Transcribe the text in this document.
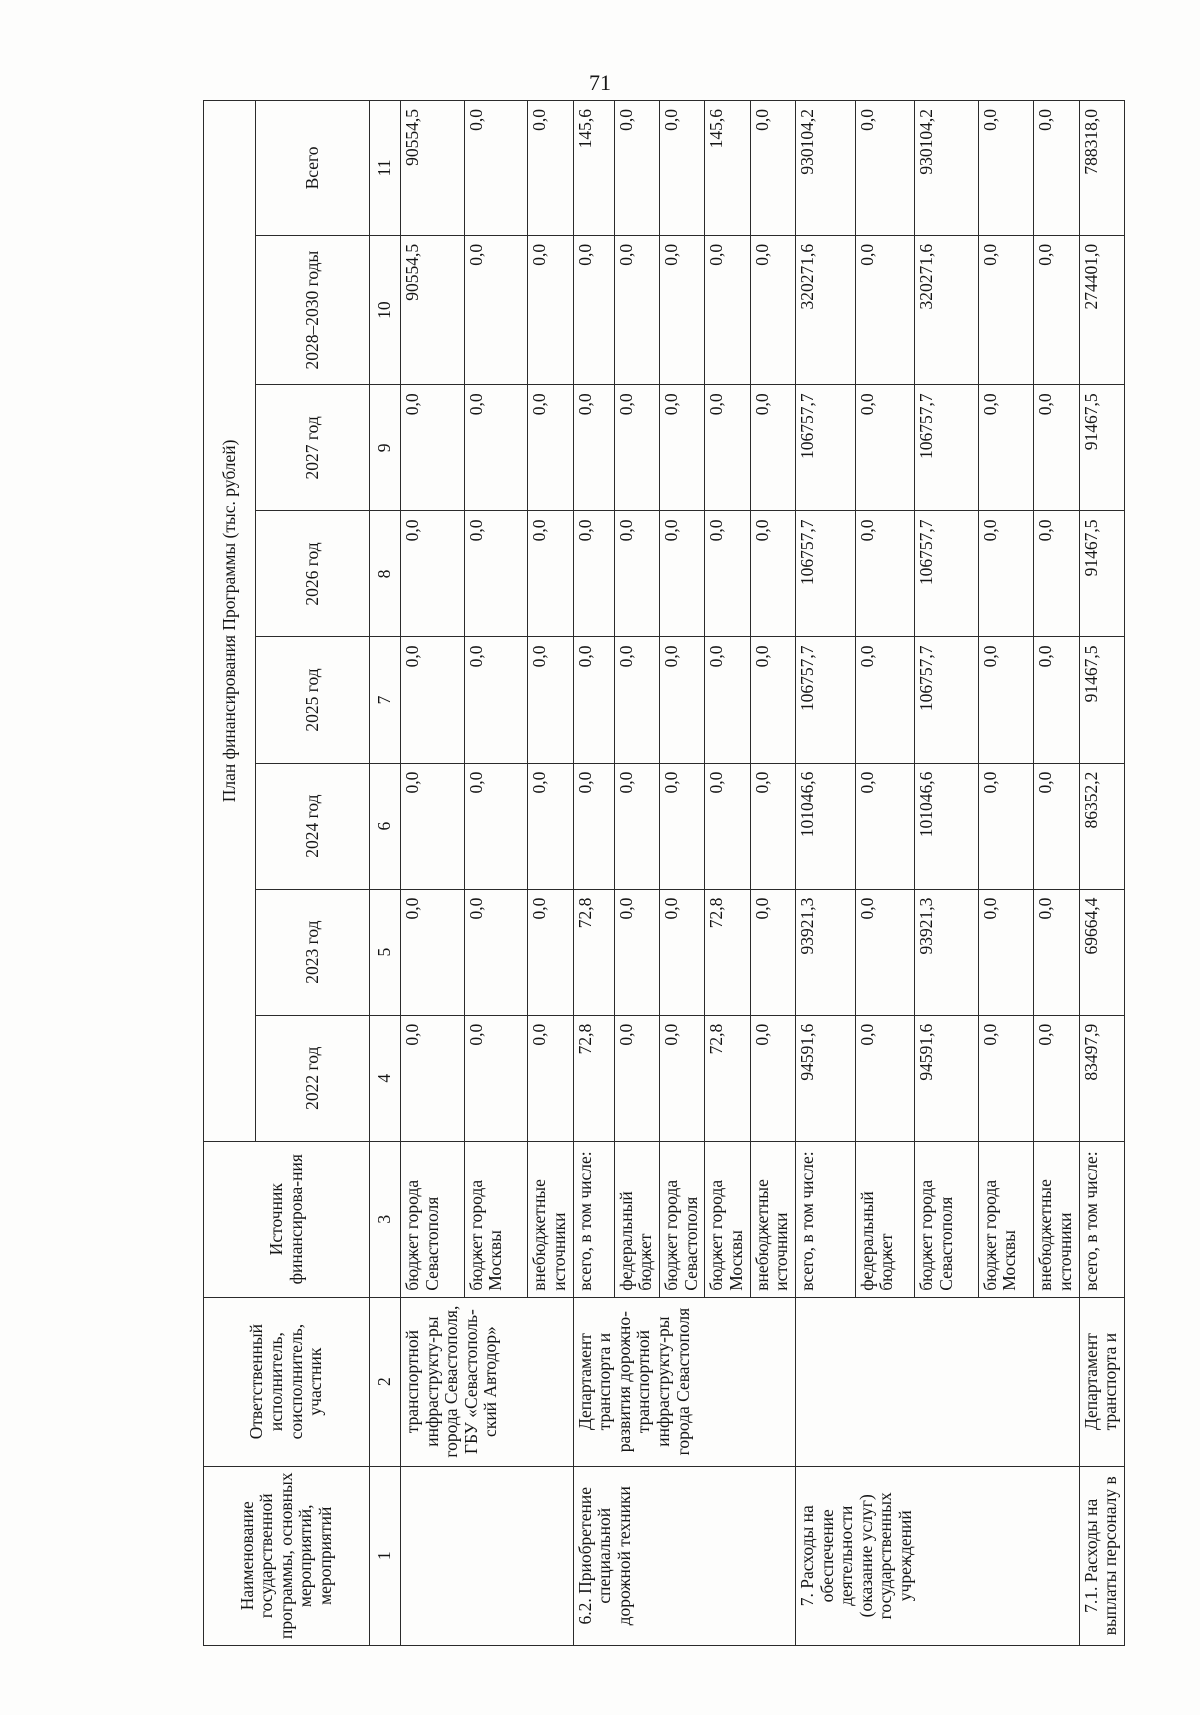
71
Наименование государственной программы, основных мероприятий, мероприятий	Ответственный исполнитель, соисполнитель, участник	Источник финансирова-ния	План финансирования Программы (тыс. рублей)							
			2022 год	2023 год	2024 год	2025 год	2026 год	2027 год	2028–2030 годы	Всего
1	2	3	4	5	6	7	8	9	10	11
	транспортной инфраструкту-ры города Севастополя, ГБУ «Севастополь-ский Автодор»	бюджет города Севастополя	0,0	0,0	0,0	0,0	0,0	0,0	90554,5	90554,5
		бюджет города Москвы	0,0	0,0	0,0	0,0	0,0	0,0	0,0	0,0
		внебюджетные источники	0,0	0,0	0,0	0,0	0,0	0,0	0,0	0,0
6.2. Приобретение специальной дорожной техники	Департамент транспорта и развития дорожно-транспортной инфраструкту-ры города Севастополя	всего, в том числе:	72,8	72,8	0,0	0,0	0,0	0,0	0,0	145,6
		федеральный бюджет	0,0	0,0	0,0	0,0	0,0	0,0	0,0	0,0
		бюджет города Севастополя	0,0	0,0	0,0	0,0	0,0	0,0	0,0	0,0
		бюджет города Москвы	72,8	72,8	0,0	0,0	0,0	0,0	0,0	145,6
		внебюджетные источники	0,0	0,0	0,0	0,0	0,0	0,0	0,0	0,0
7. Расходы на обеспечение деятельности (оказание услуг) государственных учреждений		всего, в том числе:	94591,6	93921,3	101046,6	106757,7	106757,7	106757,7	320271,6	930104,2
		федеральный бюджет	0,0	0,0	0,0	0,0	0,0	0,0	0,0	0,0
		бюджет города Севастополя	94591,6	93921,3	101046,6	106757,7	106757,7	106757,7	320271,6	930104,2
		бюджет города Москвы	0,0	0,0	0,0	0,0	0,0	0,0	0,0	0,0
		внебюджетные источники	0,0	0,0	0,0	0,0	0,0	0,0	0,0	0,0
7.1. Расходы на выплаты персоналу в	Департамент транспорта и	всего, в том числе:	83497,9	69664,4	86352,2	91467,5	91467,5	91467,5	274401,0	788318,0
